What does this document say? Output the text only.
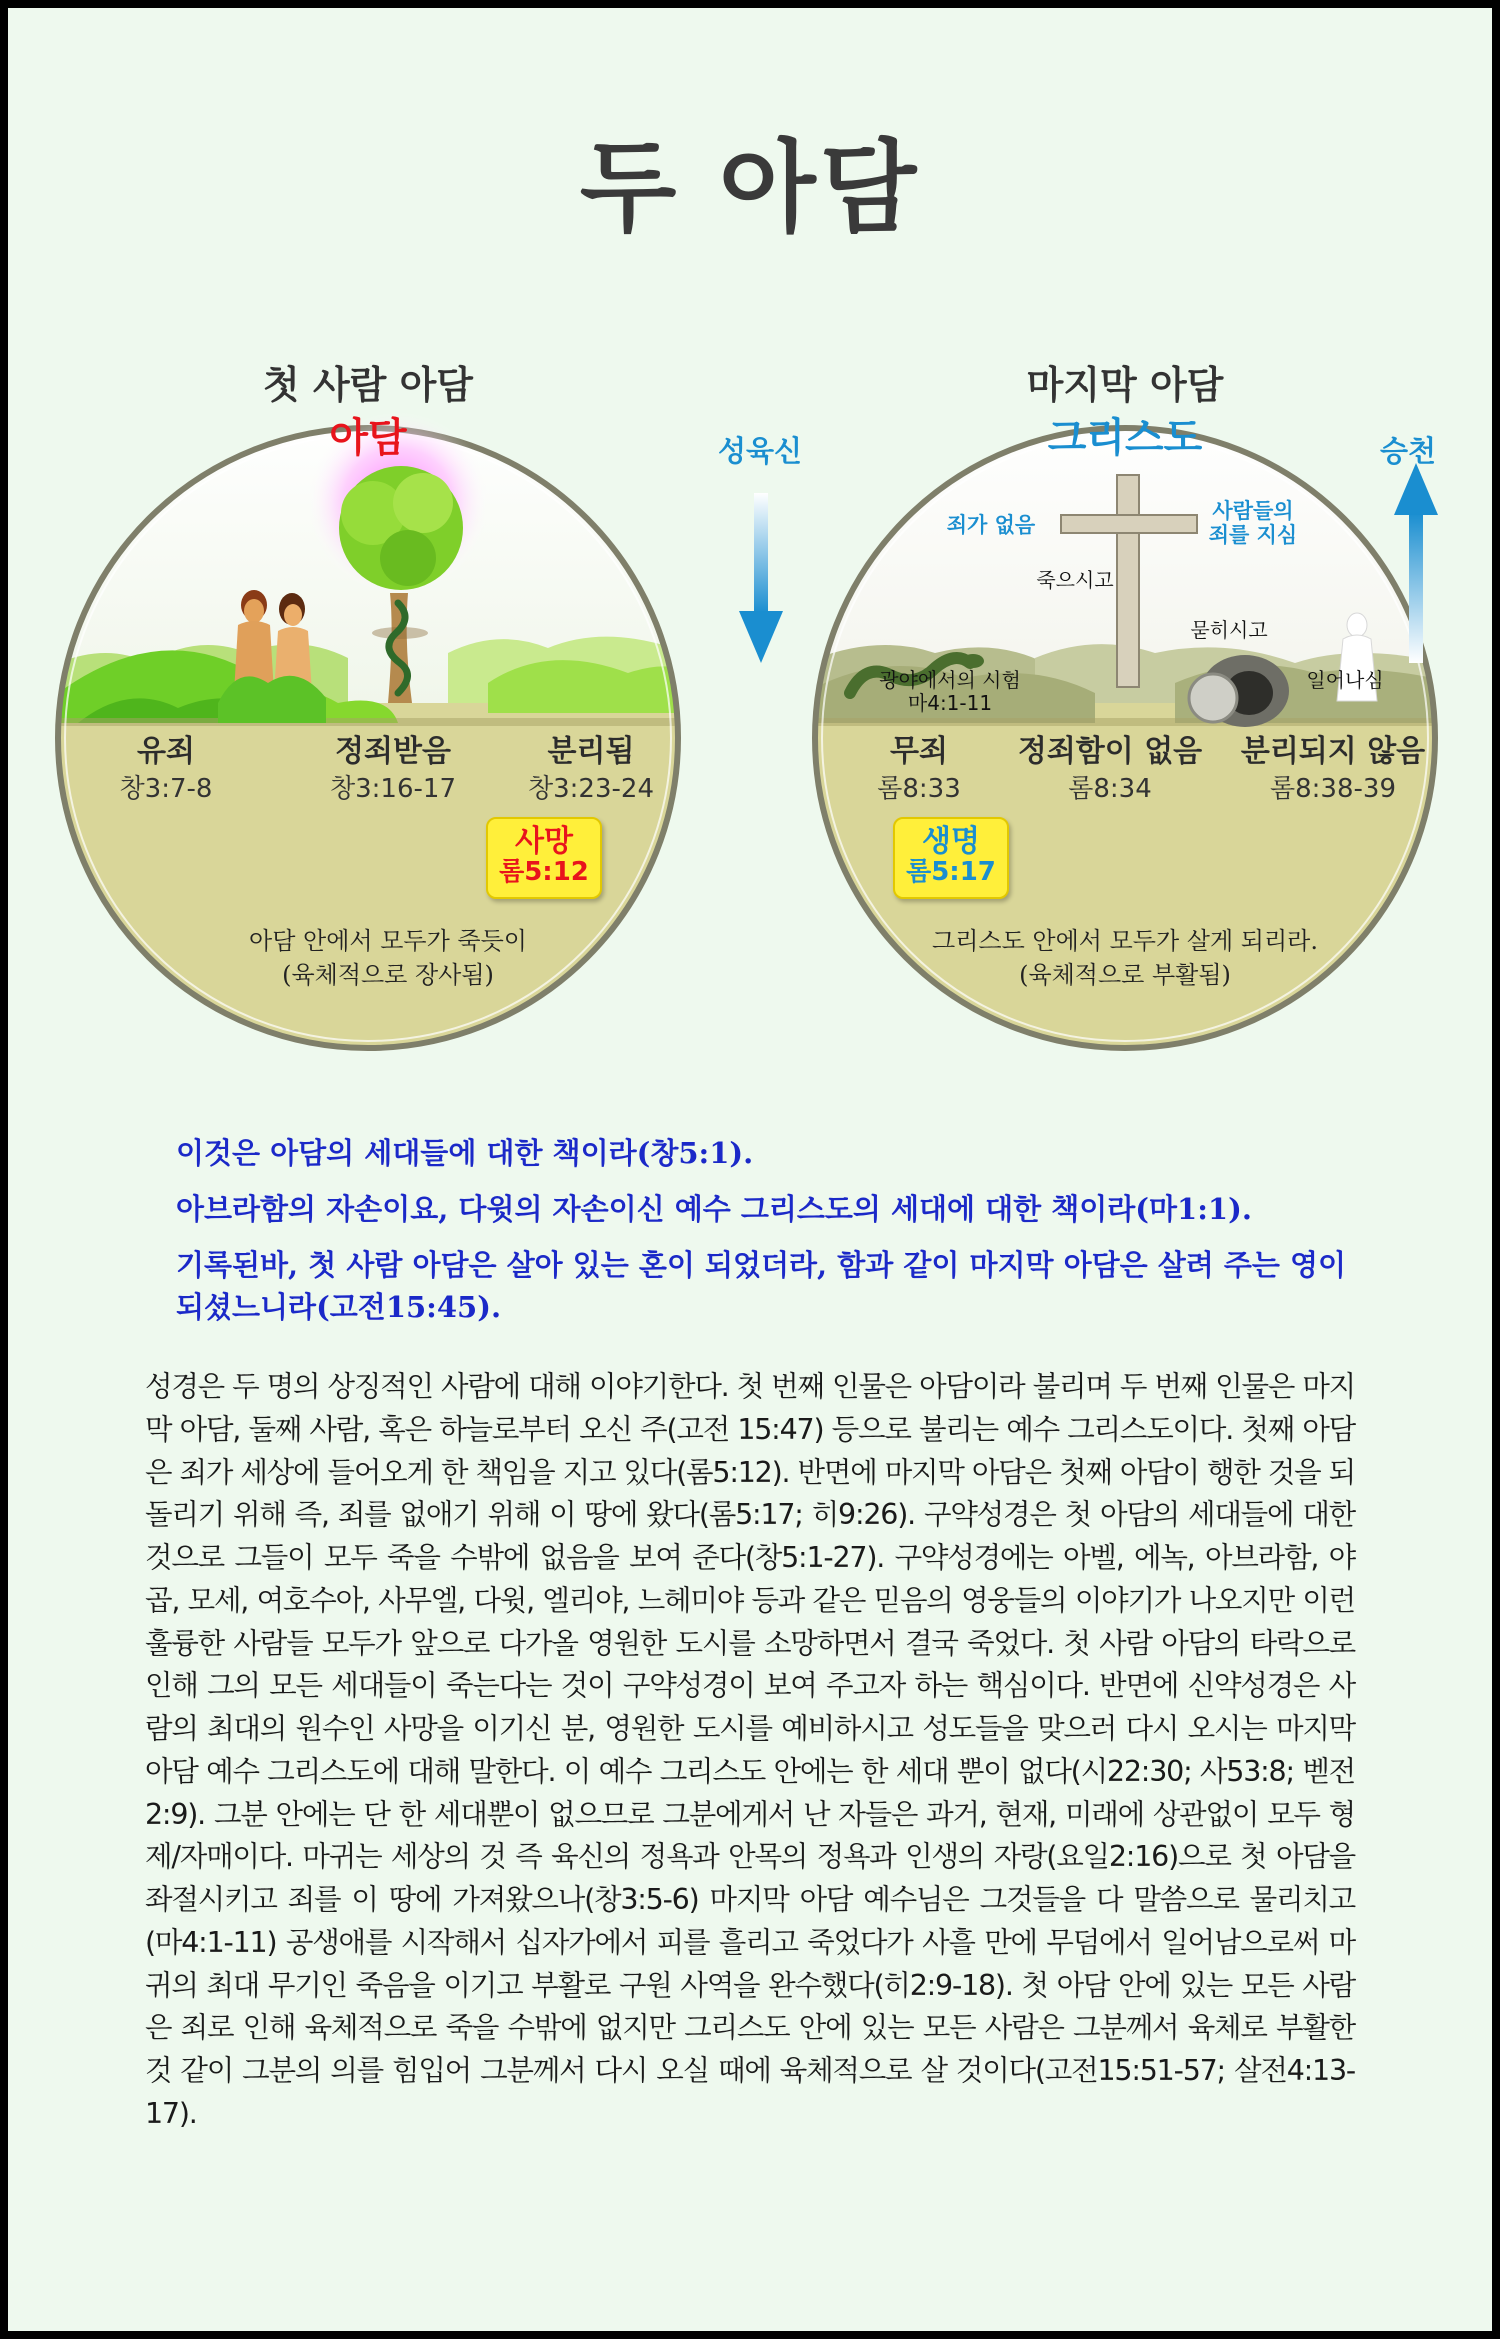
두 아담
첫 사람 아담
아담	성육신
유죄
창3:7-8
정죄받음
창3:16-17
분리됨
창3:23-24
사망
롬5:12
아담 안에서 모두가 죽듯이
(육체적으로 장사됨)
마지막 아담
그리스도	승천
죄가 없음
사람들의
죄를 지심
죽으시고
묻히시고
일어나심
광야에서의 시험
마4:1-11
무죄
롬8:33
정죄함이 없음
롬8:34
분리되지 않음
롬8:38-39
생명
롬5:17
그리스도 안에서 모두가 살게 되리라.
(육체적으로 부활됨)

이것은 아담의 세대들에 대한 책이라(창5:1).

아브라함의 자손이요, 다윗의 자손이신 예수 그리스도의 세대에 대한 책이라(마1:1).

기록된바, 첫 사람 아담은 살아 있는 혼이 되었더라, 함과 같이 마지막 아담은 살려 주는 영이 되셨느니라(고전15:45).

성경은 두 명의 상징적인 사람에 대해 이야기한다. 첫 번째 인물은 아담이라 불리며 두 번째 인물은 마지막 아담, 둘째 사람, 혹은 하늘로부터 오신 주(고전 15:47) 등으로 불리는 예수 그리스도이다. 첫째 아담은 죄가 세상에 들어오게 한 책임을 지고 있다(롬5:12). 반면에 마지막 아담은 첫째 아담이 행한 것을 되돌리기 위해 즉, 죄를 없애기 위해 이 땅에 왔다(롬5:17; 히9:26). 구약성경은 첫 아담의 세대들에 대한 것으로 그들이 모두 죽을 수밖에 없음을 보여 준다(창5:1-27). 구약성경에는 아벨, 에녹, 아브라함, 야곱, 모세, 여호수아, 사무엘, 다윗, 엘리야, 느헤미야 등과 같은 믿음의 영웅들의 이야기가 나오지만 이런 훌륭한 사람들 모두가 앞으로 다가올 영원한 도시를 소망하면서 결국 죽었다. 첫 사람 아담의 타락으로 인해 그의 모든 세대들이 죽는다는 것이 구약성경이 보여 주고자 하는 핵심이다. 반면에 신약성경은 사람의 최대의 원수인 사망을 이기신 분, 영원한 도시를 예비하시고 성도들을 맞으러 다시 오시는 마지막 아담 예수 그리스도에 대해 말한다. 이 예수 그리스도 안에는 한 세대 뿐이 없다(시22:30; 사53:8; 벧전2:9). 그분 안에는 단 한 세대뿐이 없으므로 그분에게서 난 자들은 과거, 현재, 미래에 상관없이 모두 형제/자매이다. 마귀는 세상의 것 즉 육신의 정욕과 안목의 정욕과 인생의 자랑(요일2:16)으로 첫 아담을 좌절시키고 죄를 이 땅에 가져왔으나(창3:5-6) 마지막 아담 예수님은 그것들을 다 말씀으로 물리치고(마4:1-11) 공생애를 시작해서 십자가에서 피를 흘리고 죽었다가 사흘 만에 무덤에서 일어남으로써 마귀의 최대 무기인 죽음을 이기고 부활로 구원 사역을 완수했다(히2:9-18). 첫 아담 안에 있는 모든 사람은 죄로 인해 육체적으로 죽을 수밖에 없지만 그리스도 안에 있는 모든 사람은 그분께서 육체로 부활한 것 같이 그분의 의를 힘입어 그분께서 다시 오실 때에 육체적으로 살 것이다(고전15:51-57; 살전4:13-17).
